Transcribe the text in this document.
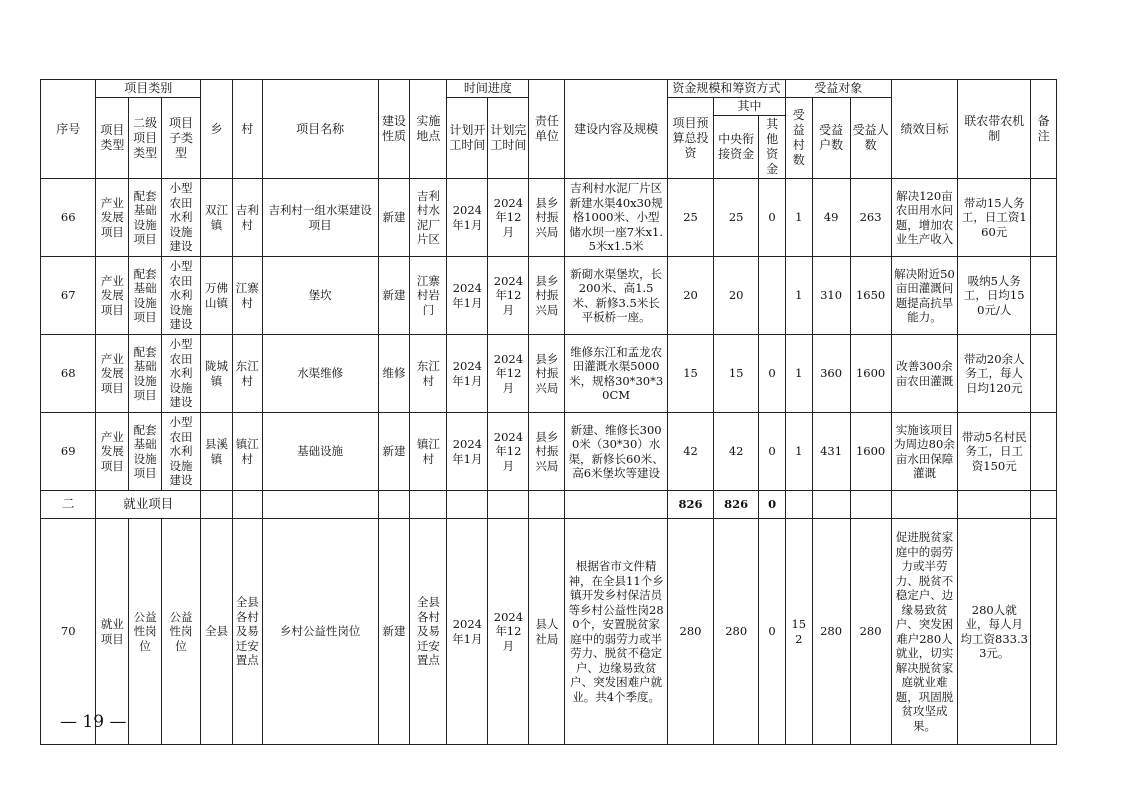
序号	项目类别			乡	村	项目名称	建设性质	实施地点	时间进度		责任单位	建设内容及规模	资金规模和筹资方式			受益对象			绩效目标	联农带农机制	备注
	项目类型	二级项目类型	项目子类型						计划开工时间	计划完工时间			项目预算总投资	其中		受益村数	受益户数	受益人数			
														中央衔接资金	其他资金						
66	产业发展项目	配套基础设施项目	小型农田水利设施建设	双江镇	吉利村	吉利村一组水渠建设项目	新建	吉利村水泥厂片区	2024年1月	2024年12月	县乡村振兴局	吉利村水泥厂片区新建水渠40x30规格1000米、小型储水坝一座7米x1.5米x1.5米	25	25	0	1	49	263	解决120亩农田用水问题，增加农业生产收入	带动15人务工，日工资160元	
67	产业发展项目	配套基础设施项目	小型农田水利设施建设	万佛山镇	江寨村	堡坎	新建	江寨村岩门	2024年1月	2024年12月	县乡村振兴局	新砌水渠堡坎，长200米、高1.5米、新修3.5米长平板桥一座。	20	20		1	310	1650	解决附近50亩田灌溉问题提高抗旱能力。	吸纳5人务工，日均150元/人	
68	产业发展项目	配套基础设施项目	小型农田水利设施建设	陇城镇	东江村	水渠维修	维修	东江村	2024年1月	2024年12月	县乡村振兴局	维修东江和孟龙农田灌溉水渠5000米，规格30*30*30CM	15	15	0	1	360	1600	改善300余亩农田灌溉	带动20余人务工，每人日均120元	
69	产业发展项目	配套基础设施项目	小型农田水利设施建设	县溪镇	镇江村	基础设施	新建	镇江村	2024年1月	2024年12月	县乡村振兴局	新建、维修长3000米（30*30）水渠，新修长60米、高6米堡坎等建设	42	42	0	1	431	1600	实施该项目为周边80余亩水田保障灌溉	带动5名村民务工，日工资150元	
二	就业项目												826	826	0						
70	就业项目	公益性岗位	公益性岗位	全县	全县各村及易迁安置点	乡村公益性岗位	新建	全县各村及易迁安置点	2024年1月	2024年12月	县人社局	根据省市文件精神，在全县11个乡镇开发乡村保洁员等乡村公益性岗280个，安置脱贫家庭中的弱劳力或半劳力、脱贫不稳定户、边缘易致贫户、突发困难户就业。共4个季度。	280	280	0	152	280	280	促进脱贫家庭中的弱劳力或半劳力、脱贫不稳定户、边缘易致贫户、突发困难户280人就业，切实解决脱贫家庭就业难题，巩固脱贫攻坚成果。	280人就业，每人月均工资833.33元。	
— 19 —
